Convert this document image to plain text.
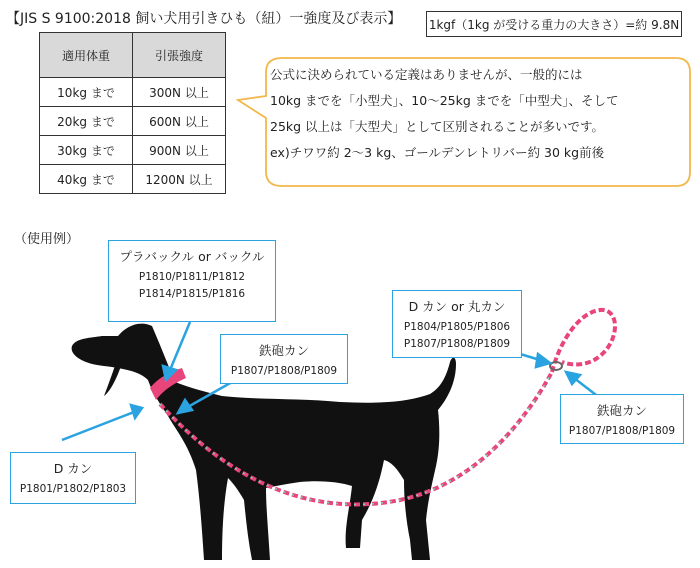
【JIS S 9100:2018 飼い犬用引きひも（紐）一強度及び表示】 1kgf（1kg が受ける重力の大きさ）=約 9.8N
適用体重	引張強度
10kg まで	300N 以上
20kg まで	600N 以上
30kg まで	900N 以上
40kg まで	1200N 以上
公式に決められている定義はありませんが、一般的には
10kg までを「小型犬」、10〜25kg までを「中型犬」、そして
25kg 以上は「大型犬」として区別されることが多いです。
ex)チワワ約 2〜3 kg、ゴールデンレトリバー約 30 kg前後
（使用例）
プラバックル or バックル
P1810/P1811/P1812
P1814/P1815/P1816
鉄砲カン
P1807/P1808/P1809
D カン
P1801/P1802/P1803
D カン or 丸カン
P1804/P1805/P1806
P1807/P1808/P1809
鉄砲カン
P1807/P1808/P1809
